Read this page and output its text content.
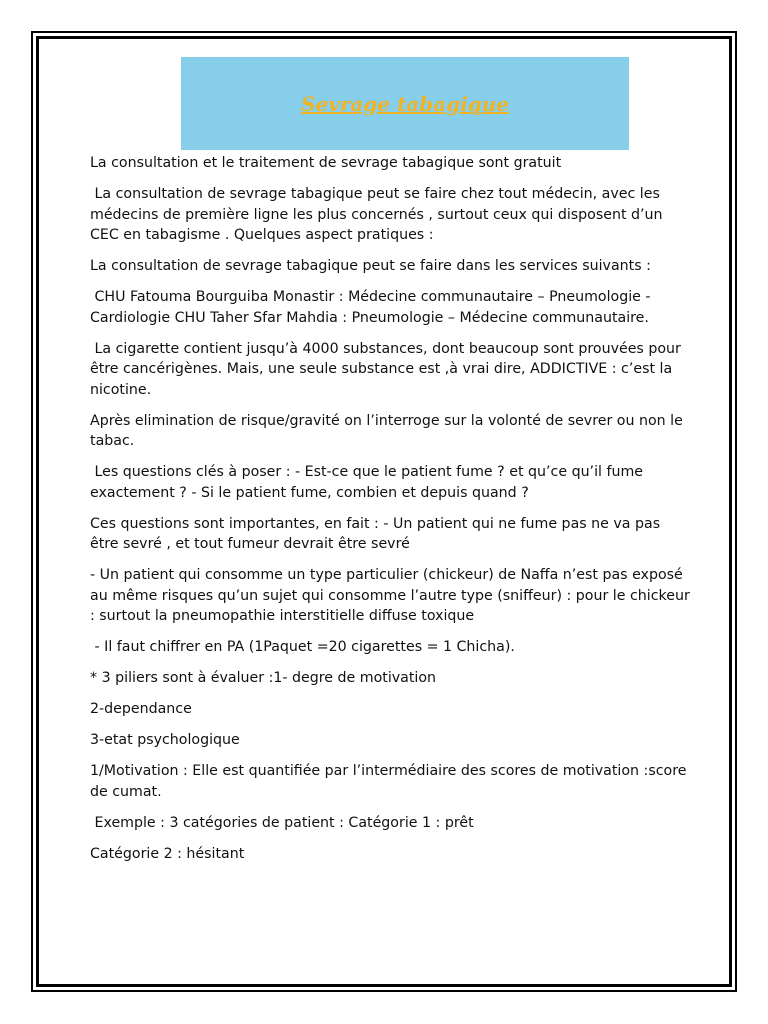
Sevrage tabagique

La consultation et le traitement de sevrage tabagique sont gratuit

La consultation de sevrage tabagique peut se faire chez tout médecin, avec les médecins de première ligne les plus concernés , surtout ceux qui disposent d’un CEC en tabagisme . Quelques aspect pratiques :

La consultation de sevrage tabagique peut se faire dans les services suivants :

CHU Fatouma Bourguiba Monastir : Médecine communautaire – Pneumologie -Cardiologie CHU Taher Sfar Mahdia : Pneumologie – Médecine communautaire.

La cigarette contient jusqu’à 4000 substances, dont beaucoup sont prouvées pour être cancérigènes. Mais, une seule substance est ,à vrai dire, ADDICTIVE : c’est la nicotine.

Après elimination de risque/gravité on l’interroge sur la volonté de sevrer ou non le tabac.

Les questions clés à poser : - Est-ce que le patient fume ? et qu’ce qu’il fume exactement ? - Si le patient fume, combien et depuis quand ?

Ces questions sont importantes, en fait : - Un patient qui ne fume pas ne va pas être sevré , et tout fumeur devrait être sevré

- Un patient qui consomme un type particulier (chickeur) de Naffa n’est pas exposé au même risques qu’un sujet qui consomme l’autre type (sniffeur) : pour le chickeur : surtout la pneumopathie interstitielle diffuse toxique

- Il faut chiffrer en PA (1Paquet =20 cigarettes = 1 Chicha).

* 3 piliers sont à évaluer :1- degre de motivation

2-dependance

3-etat psychologique

1/Motivation : Elle est quantifiée par l’intermédiaire des scores de motivation :score de cumat.

Exemple : 3 catégories de patient : Catégorie 1 : prêt

Catégorie 2 : hésitant
